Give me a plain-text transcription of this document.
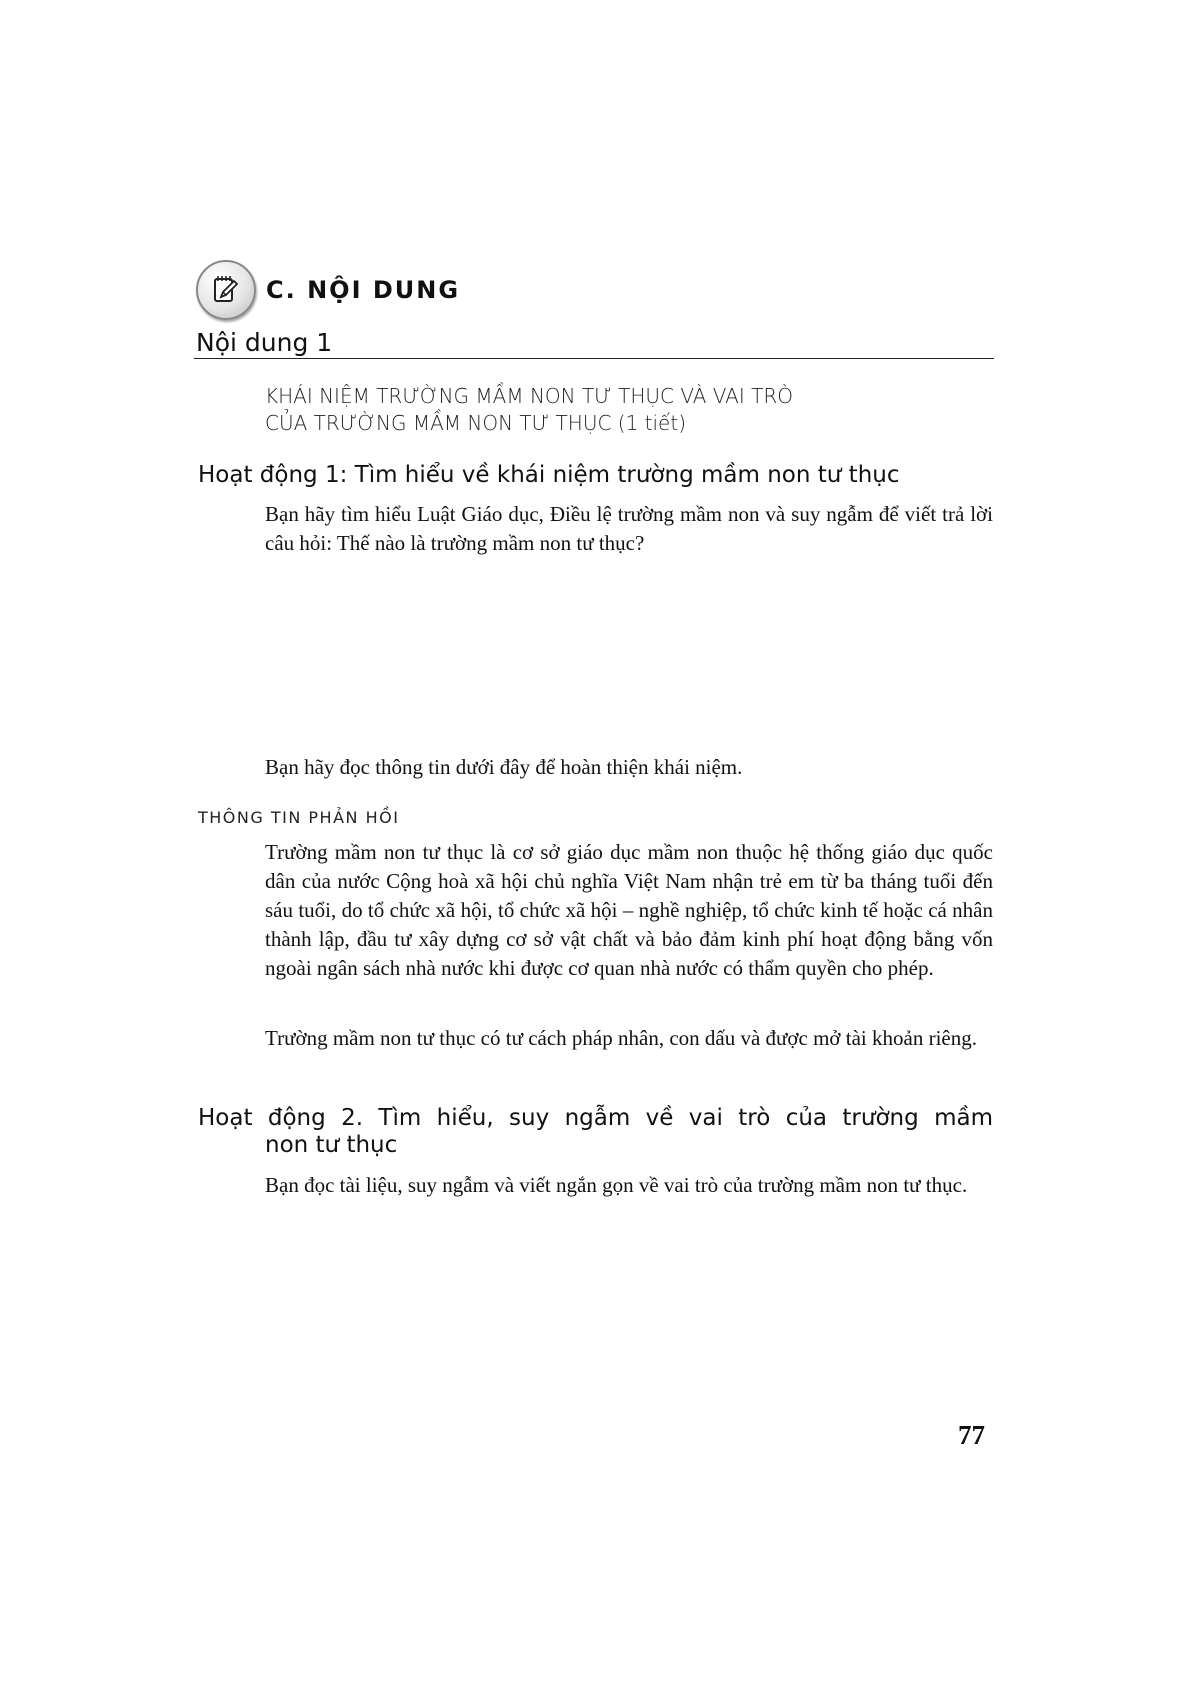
C. NỘI DUNG
Nội dung 1
KHÁI NIỆM TRƯỜNG MẦM NON TƯ THỤC VÀ VAI TRÒ
CỦA TRƯỜNG MẦM NON TƯ THỤC (1 tiết)
Hoạt động 1: Tìm hiểu về khái niệm trường mầm non tư thục
Bạn hãy tìm hiểu Luật Giáo dục, Điều lệ trường mầm non và suy ngẫm để viết trả lời câu hỏi: Thế nào là trường mầm non tư thục?
Bạn hãy đọc thông tin dưới đây để hoàn thiện khái niệm.
THÔNG TIN PHẢN HỒI
Trường mầm non tư thục là cơ sở giáo dục mầm non thuộc hệ thống giáo dục quốc dân của nước Cộng hoà xã hội chủ nghĩa Việt Nam nhận trẻ em từ ba tháng tuổi đến sáu tuổi, do tổ chức xã hội, tổ chức xã hội – nghề nghiệp, tổ chức kinh tế hoặc cá nhân thành lập, đầu tư xây dựng cơ sở vật chất và bảo đảm kinh phí hoạt động bằng vốn ngoài ngân sách nhà nước khi được cơ quan nhà nước có thẩm quyền cho phép.
Trường mầm non tư thục có tư cách pháp nhân, con dấu và được mở tài khoản riêng.
Hoạt động 2. Tìm hiểu, suy ngẫm về vai trò của trường mầm
non tư thục
Bạn đọc tài liệu, suy ngẫm và viết ngắn gọn về vai trò của trường mầm non tư thục.
77
